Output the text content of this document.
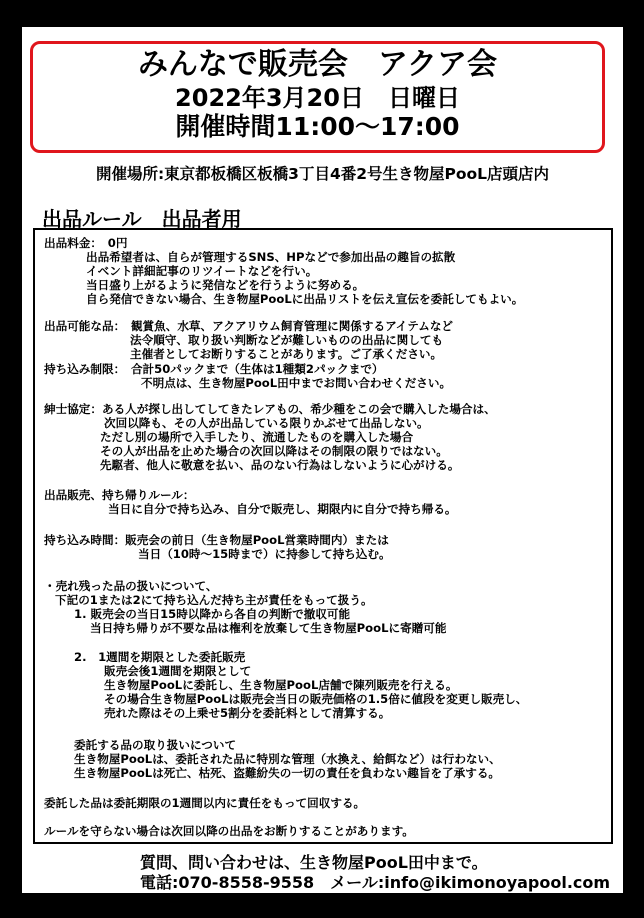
みんなで販売会　アクア会
2022年3月20日　日曜日
開催時間11:00～17:00
開催場所:東京都板橋区板橋3丁目4番2号生き物屋PooL店頭店内
出品ルール　出品者用
出品料金：　0円
出品希望者は、自らが管理するSNS、HPなどで参加出品の趣旨の拡散
イベント詳細記事のリツイートなどを行い。
当日盛り上がるように発信などを行うように努める。
自ら発信できない場合、生き物屋PooLに出品リストを伝え宣伝を委託してもよい。
出品可能な品：　観賞魚、水草、アクアリウム飼育管理に関係するアイテムなど
法令順守、取り扱い判断などが難しいものの出品に関しても
主催者としてお断りすることがあります。ご了承ください。
持ち込み制限：　合計50パックまで（生体は1種類2パックまで）
不明点は、生き物屋PooL田中までお問い合わせください。
紳士協定：ある人が探し出してしてきたレアもの、希少種をこの会で購入した場合は、
次回以降も、その人が出品している限りかぶせて出品しない。
ただし別の場所で入手したり、流通したものを購入した場合
その人が出品を止めた場合の次回以降はその制限の限りではない。
先駆者、他人に敬意を払い、品のない行為はしないように心がける。
出品販売、持ち帰りルール：
当日に自分で持ち込み、自分で販売し、期限内に自分で持ち帰る。
持ち込み時間：販売会の前日（生き物屋PooL営業時間内）または
当日（10時～15時まで）に持参して持ち込む。
・売れ残った品の扱いについて、
下記の1または2にて持ち込んだ持ち主が責任をもって扱う。
1. 販売会の当日15時以降から各自の判断で撤収可能
当日持ち帰りが不要な品は権利を放棄して生き物屋PooLに寄贈可能
2.　1週間を期限とした委託販売
販売会後1週間を期限として
生き物屋PooLに委託し、生き物屋PooL店舗で陳列販売を行える。
その場合生き物屋PooLは販売会当日の販売価格の1.5倍に値段を変更し販売し、
売れた際はその上乗せ5割分を委託料として清算する。
委託する品の取り扱いについて
生き物屋PooLは、委託された品に特別な管理（水換え、給餌など）は行わない、
生き物屋PooLは死亡、枯死、盗難紛失の一切の責任を負わない趣旨を了承する。
委託した品は委託期限の1週間以内に責任をもって回収する。
ルールを守らない場合は次回以降の出品をお断りすることがあります。
質問、問い合わせは、生き物屋PooL田中まで。
電話:070-8558-9558　メール:info@ikimonoyapool.com
